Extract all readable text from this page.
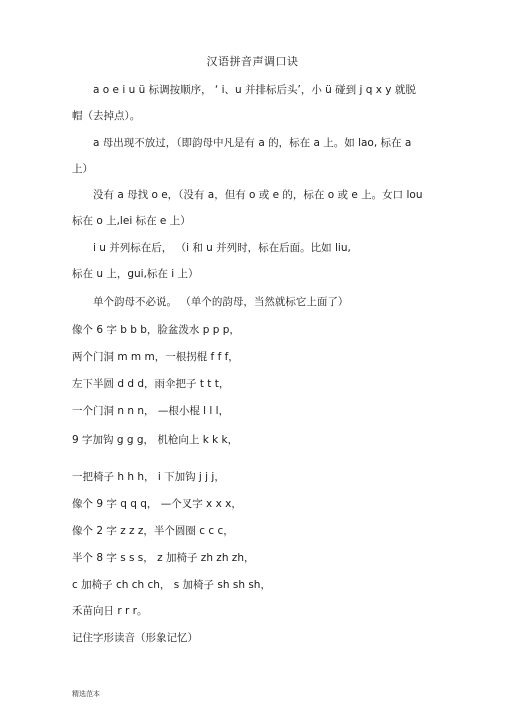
汉语拼音声调口诀
a o e i u ü 标调按顺序， ‘ i、u 并排标后头’，小 ü 碰到 j q x y 就脱
帽（去掉点）。
a 母出现不放过，（即韵母中凡是有 a 的，标在 a 上。如 lao, 标在 a
上）
没有 a 母找 o e，（没有 a，但有 o 或 e 的，标在 o 或 e 上。女口 lou
标在 o 上,lei 标在 e 上）
i u 并列标在后， （i 和 u 并列时，标在后面。比如 liu,
标在 u 上，gui,标在 i 上）
单个韵母不必说。 （单个的韵母，当然就标它上面了）
像个 6 字 b b b，脸盆泼水 p p p，
两个门洞 m m m，一根拐棍 f f f，
左下半圆 d d d，雨伞把子 t t t，
一个门洞 n n n， —根小棍 l l l，
9 字加钩 g g g， 机枪向上 k k k，
一把椅子 h h h， i 下加钩 j j j，
像个 9 字 q q q， —个叉字 x x x，
像个 2 字 z z z，半个圆圈 c c c，
半个 8 字 s s s， z 加椅子 zh zh zh，
c 加椅子 ch ch ch， s 加椅子 sh sh sh，
禾苗向日 r r r。
记住字形读音（形象记忆）
精选范本
